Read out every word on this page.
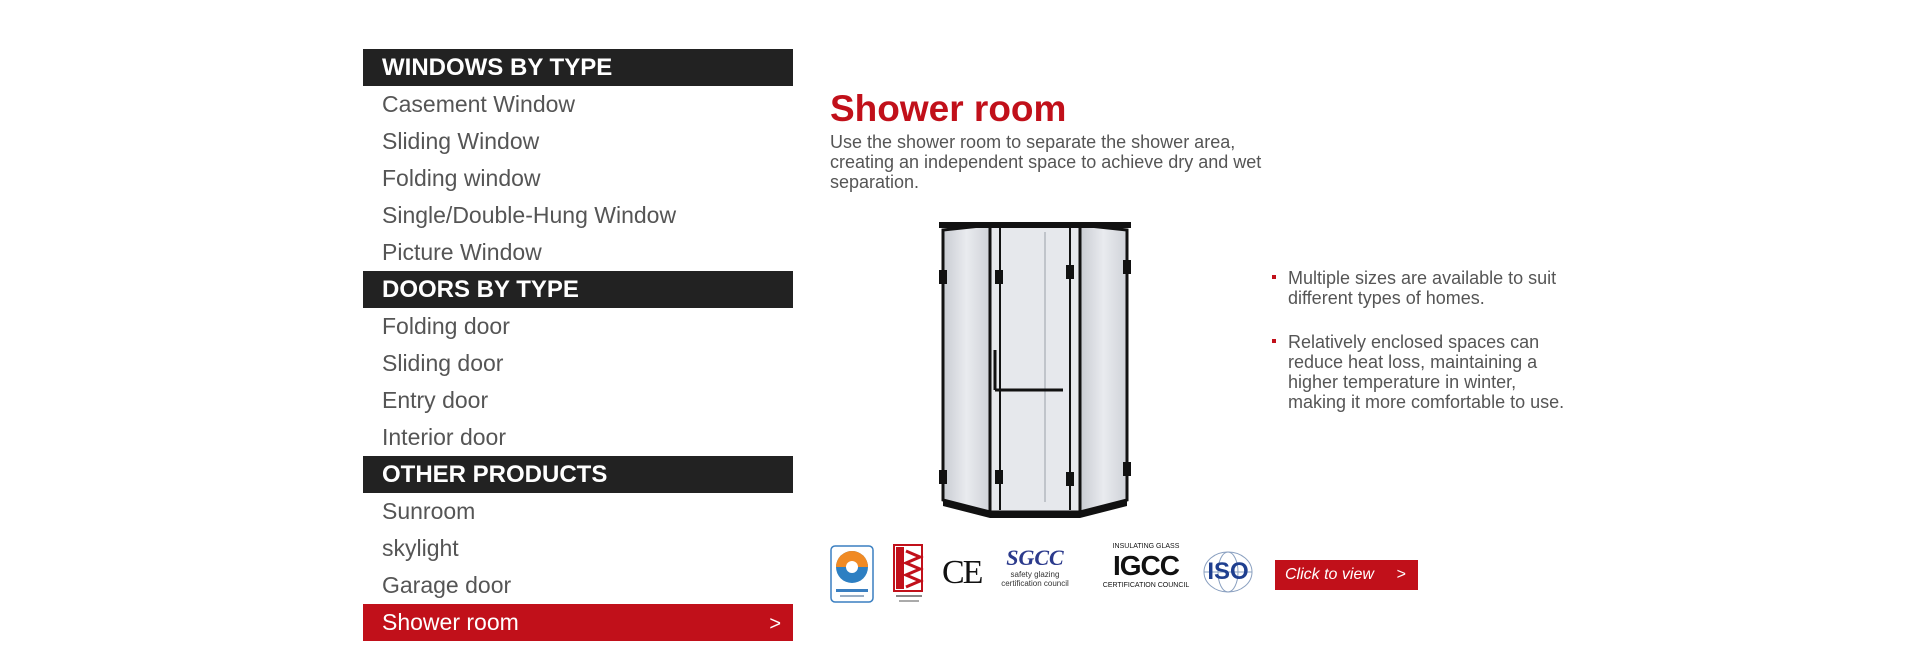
WINDOWS BY TYPE
Casement Window
Sliding Window
Folding window
Single/Double-Hung Window
Picture Window
DOORS BY TYPE
Folding door
Sliding door
Entry door
Interior door
OTHER PRODUCTS
Sunroom
skylight
Garage door
Shower room	>
Shower room
Use the shower room to separate the shower area, creating an independent space to achieve dry and wet separation.
Multiple sizes are available to suit different types of homes.
Relatively enclosed spaces can reduce heat loss, maintaining a higher temperature in winter, making it more comfortable to use.
CE	SGCC
safety glazing certification council
INSULATING GLASS
IGCC
CERTIFICATION COUNCIL
ISO	Click to view >
